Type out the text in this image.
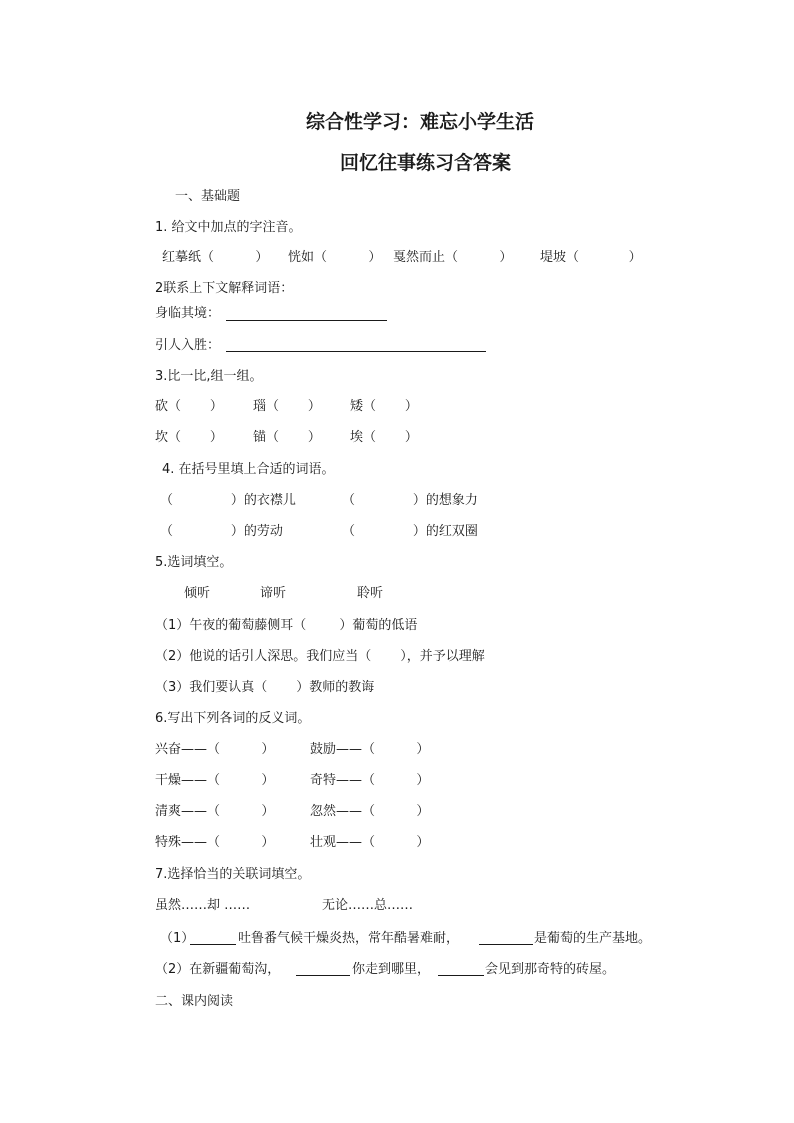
综合性学习：难忘小学生活
回忆往事练习含答案
一、基础题
1. 给文中加点的字注音。
红摹纸（          ） 恍如（          ） 戛然而止（          ） 堤坡（            ）
2联系上下文解释词语：
身临其境：
引人入胜：
3.比一比,组一组。
砍（       ） 瑙（       ） 矮（       ）
坎（       ） 锚（       ） 埃（       ）
4. 在括号里填上合适的词语。
（              ）的衣襟儿	（              ）的想象力
（              ）的劳动	（              ）的红双圈
5.选词填空。
倾听	谛听	聆听
（1）午夜的葡萄藤侧耳（        ）葡萄的低语
（2）他说的话引人深思。我们应当（       ），并予以理解
（3）我们要认真（       ）教师的教诲
6.写出下列各词的反义词。
兴奋——（          ）	鼓励——（          ）
干燥——（          ）	奇特——（          ）
清爽——（          ）	忽然——（          ）
特殊——（          ）	壮观——（          ）
7.选择恰当的关联词填空。
虽然……却 ……	无论……总……
（1）	吐鲁番气候干燥炎热，常年酷暑难耐，	是葡萄的生产基地。
（2）在新疆葡萄沟，	你走到哪里，	会见到那奇特的砖屋。
二、课内阅读
